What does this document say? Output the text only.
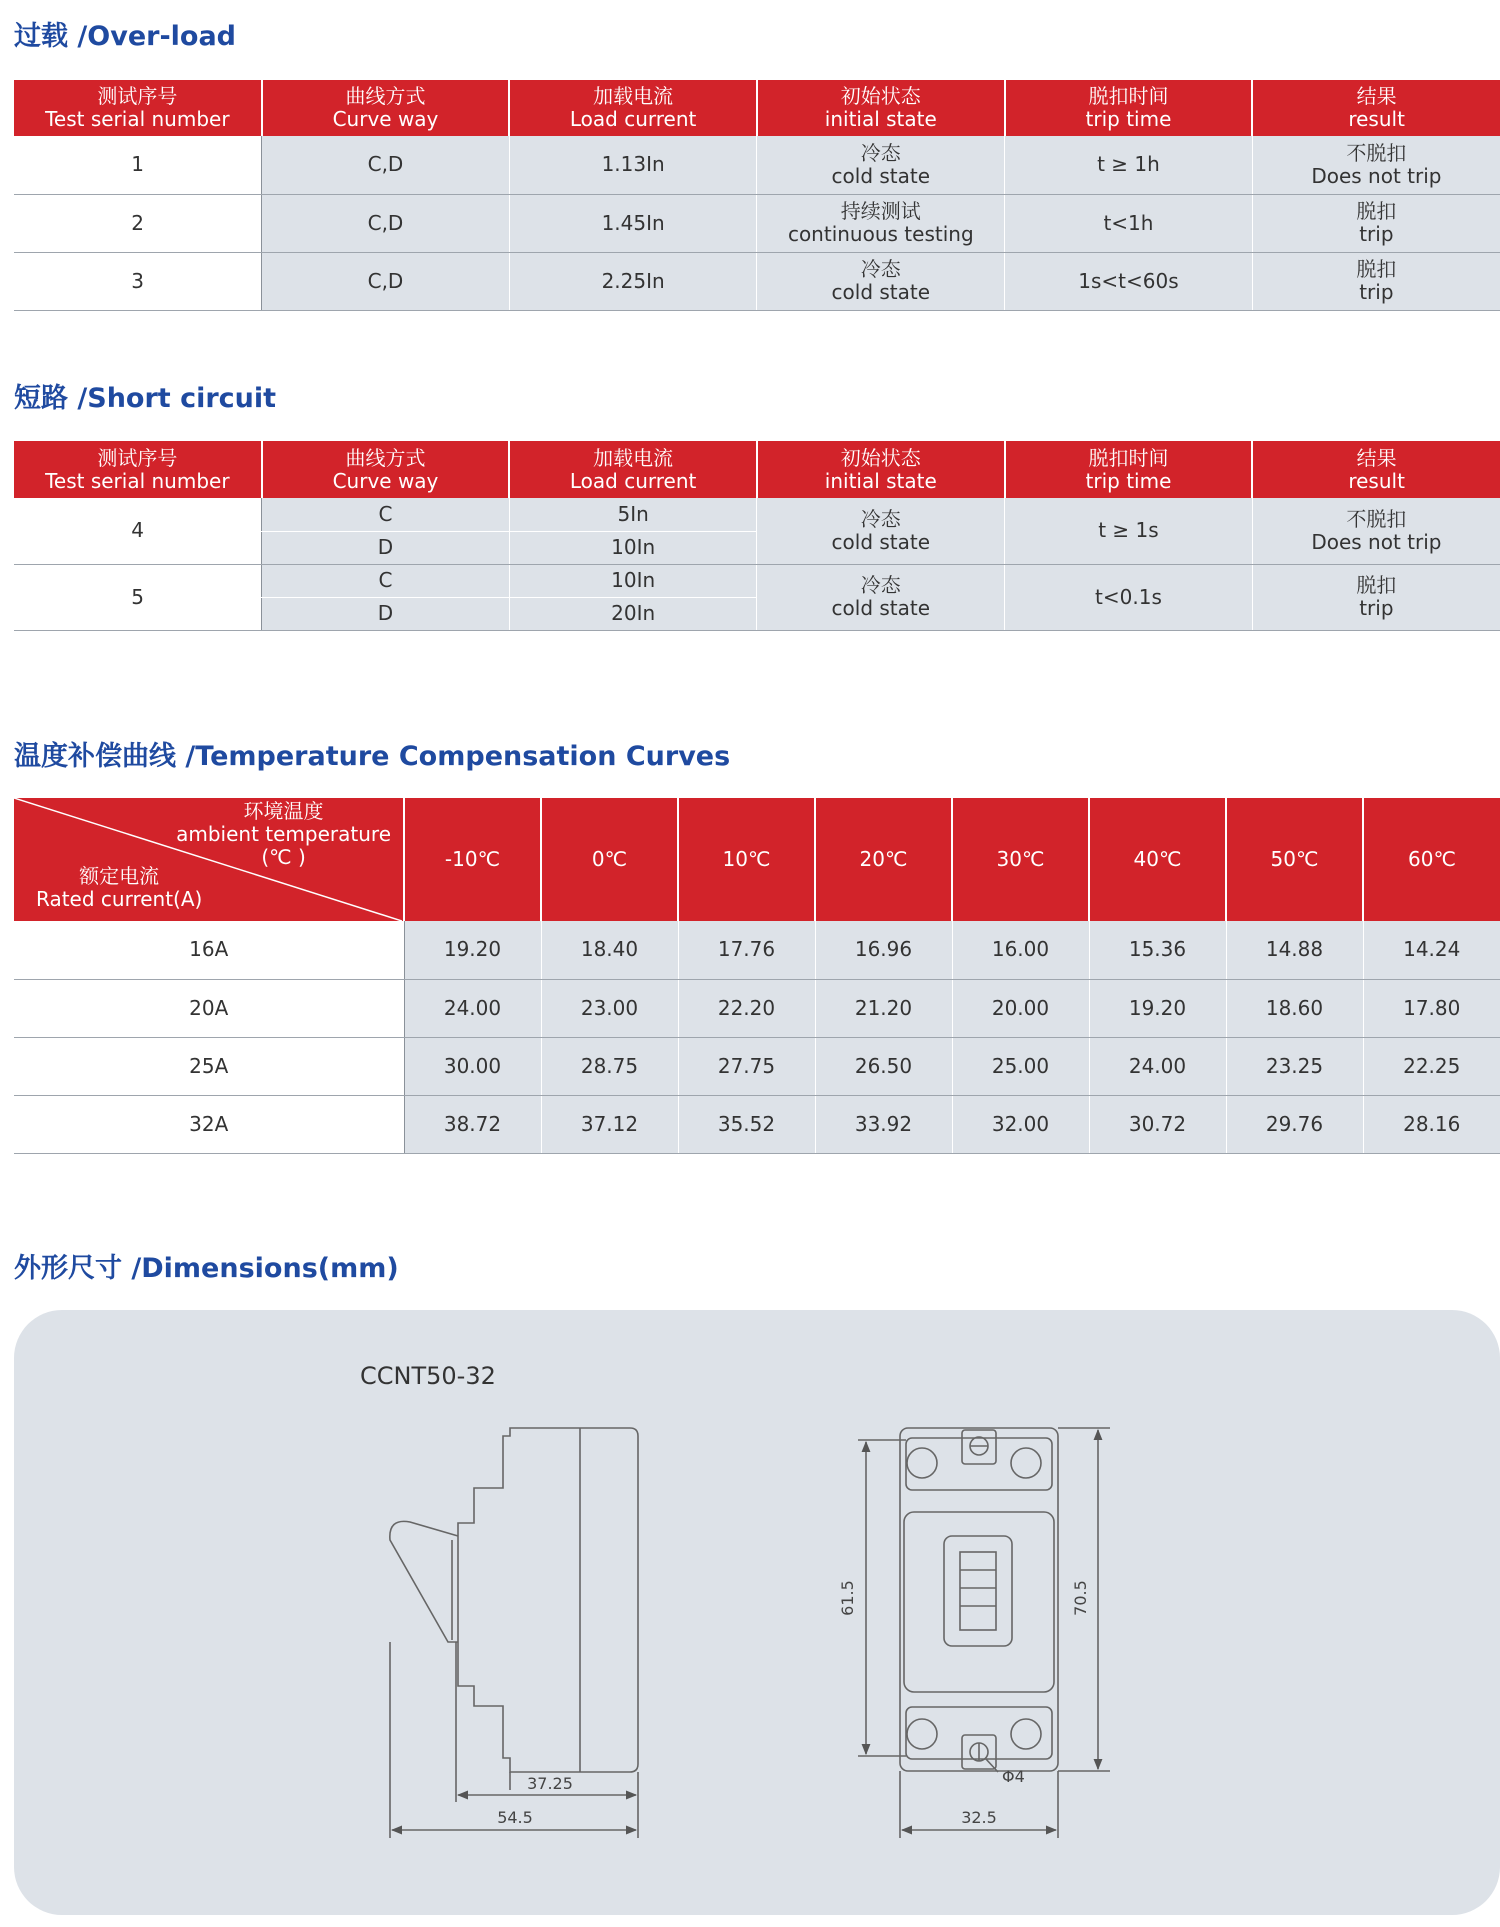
过载 /Over-load
测试序号
Test serial number	曲线方式
Curve way	加载电流
Load current	初始状态
initial state	脱扣时间
trip time	结果
result

1	C,D	1.13In	冷态
cold state	t ≥ 1h	不脱扣
Does not trip

2	C,D	1.45In	持续测试
continuous testing	t<1h	脱扣
trip

3	C,D	2.25In	冷态
cold state	1s<t<60s	脱扣
trip
短路 /Short circuit
测试序号
Test serial number	曲线方式
Curve way	加载电流
Load current	初始状态
initial state	脱扣时间
trip time	结果
result

4	C	5In	冷态
cold state	t ≥ 1s	不脱扣
Does not trip

	D	10In			
5	C	10In	冷态
cold state	t<0.1s	脱扣
trip

	D	20In			
温度补偿曲线 /Temperature Compensation Curves
环境温度
ambient temperature
(℃ )
额定电流
Rated current(A)	-10℃	0℃	10℃	20℃	30℃	40℃	50℃	60℃
16A	19.20	18.40	17.76	16.96	16.00	15.36	14.88	14.24
20A	24.00	23.00	22.20	21.20	20.00	19.20	18.60	17.80
25A	30.00	28.75	27.75	26.50	25.00	24.00	23.25	22.25
32A	38.72	37.12	35.52	33.92	32.00	30.72	29.76	28.16
外形尺寸 /Dimensions(mm)
CCNT50-32
37.25
54.5
61.5	70.5
32.5
Φ4
